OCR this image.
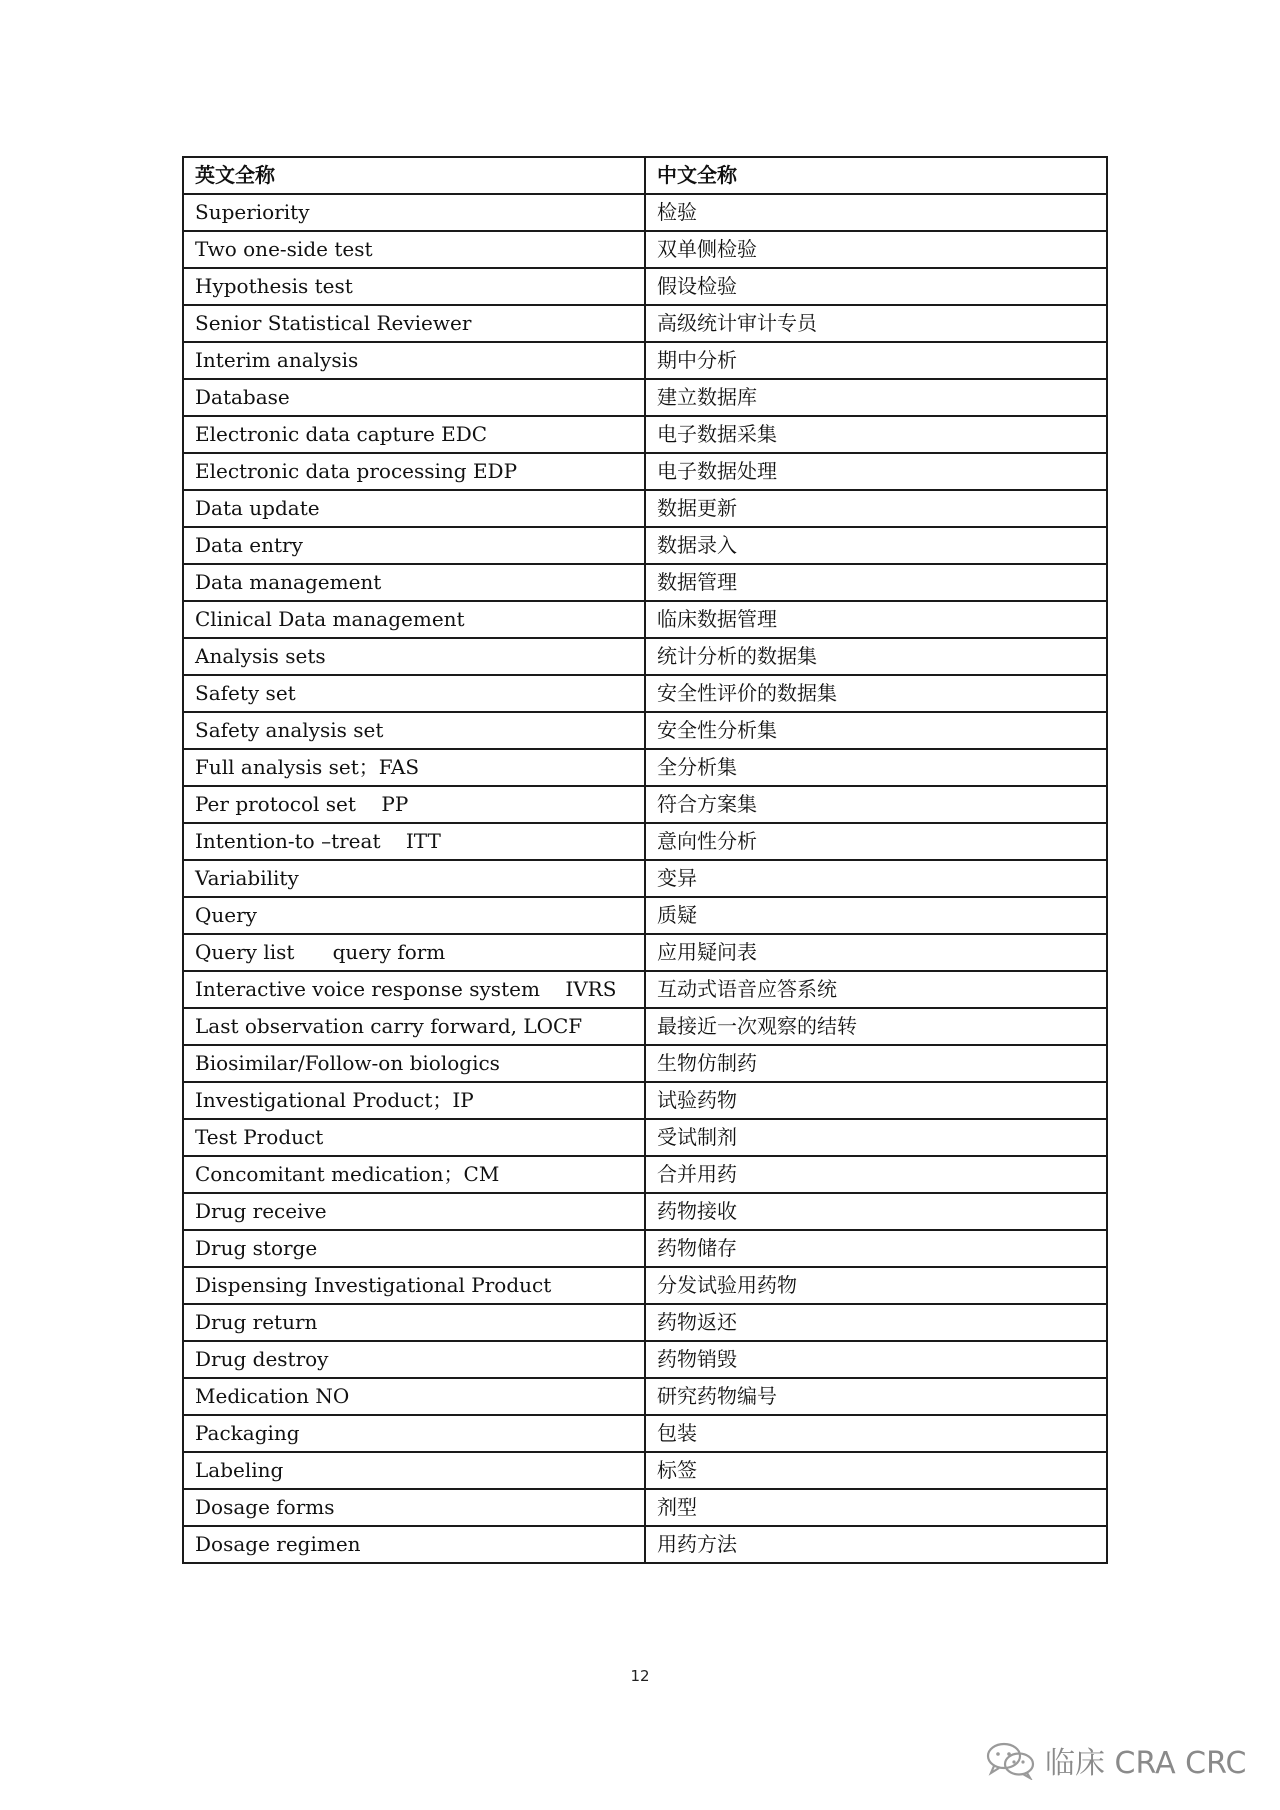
英文全称	中文全称
Superiority	检验
Two one-side test	双单侧检验
Hypothesis test	假设检验
Senior Statistical Reviewer	高级统计审计专员
Interim analysis	期中分析
Database	建立数据库
Electronic data capture EDC	电子数据采集
Electronic data processing EDP	电子数据处理
Data update	数据更新
Data entry	数据录入
Data management	数据管理
Clinical Data management	临床数据管理
Analysis sets	统计分析的数据集
Safety set	安全性评价的数据集
Safety analysis set	安全性分析集
Full analysis set；FAS	全分析集
Per protocol set    PP	符合方案集
Intention-to –treat    ITT	意向性分析
Variability	变异
Query	质疑
Query list      query form	应用疑问表
Interactive voice response system    IVRS	互动式语音应答系统
Last observation carry forward, LOCF	最接近一次观察的结转
Biosimilar/Follow-on biologics	生物仿制药
Investigational Product；IP	试验药物
Test Product	受试制剂
Concomitant medication；CM	合并用药
Drug receive	药物接收
Drug storge	药物储存
Dispensing Investigational Product	分发试验用药物
Drug return	药物返还
Drug destroy	药物销毁
Medication NO	研究药物编号
Packaging	包装
Labeling	标签
Dosage forms	剂型
Dosage regimen	用药方法
12
临床 CRA CRC
